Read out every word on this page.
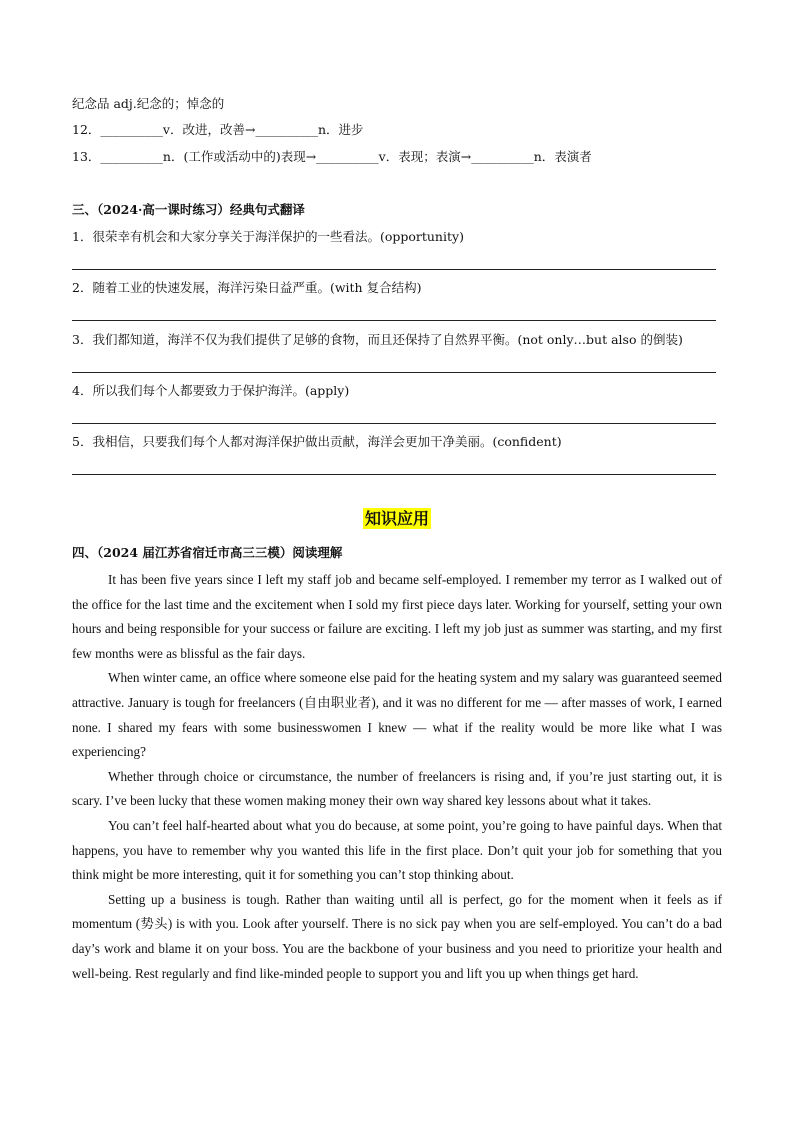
纪念品 adj.纪念的；悼念的
12．__________v．改进，改善→__________n．进步
13．__________n．(工作或活动中的)表现→__________v．表现；表演→__________n．表演者
三、（2024·高一课时练习）经典句式翻译
1．很荣幸有机会和大家分享关于海洋保护的一些看法。(opportunity)
2．随着工业的快速发展，海洋污染日益严重。(with 复合结构)
3．我们都知道，海洋不仅为我们提供了足够的食物，而且还保持了自然界平衡。(not only…but also 的倒装)
4．所以我们每个人都要致力于保护海洋。(apply)
5．我相信，只要我们每个人都对海洋保护做出贡献，海洋会更加干净美丽。(confident)
知识应用
四、（2024 届江苏省宿迁市高三三模）阅读理解

It has been five years since I left my staff job and became self-employed. I remember my terror as I walked out of the office for the last time and the excitement when I sold my first piece days later. Working for yourself, setting your own hours and being responsible for your success or failure are exciting. I left my job just as summer was starting, and my first few months were as blissful as the fair days.

When winter came, an office where someone else paid for the heating system and my salary was guaranteed seemed attractive. January is tough for freelancers (自由职业者), and it was no different for me — after masses of work, I earned none. I shared my fears with some businesswomen I knew — what if the reality would be more like what I was experiencing?

Whether through choice or circumstance, the number of freelancers is rising and, if you’re just starting out, it is scary. I’ve been lucky that these women making money their own way shared key lessons about what it takes.

You can’t feel half-hearted about what you do because, at some point, you’re going to have painful days. When that happens, you have to remember why you wanted this life in the first place. Don’t quit your job for something that you think might be more interesting, quit it for something you can’t stop thinking about.

Setting up a business is tough. Rather than waiting until all is perfect, go for the moment when it feels as if momentum (势头) is with you. Look after yourself. There is no sick pay when you are self-employed. You can’t do a bad day’s work and blame it on your boss. You are the backbone of your business and you need to prioritize your health and well-being. Rest regularly and find like-minded people to support you and lift you up when things get hard.
